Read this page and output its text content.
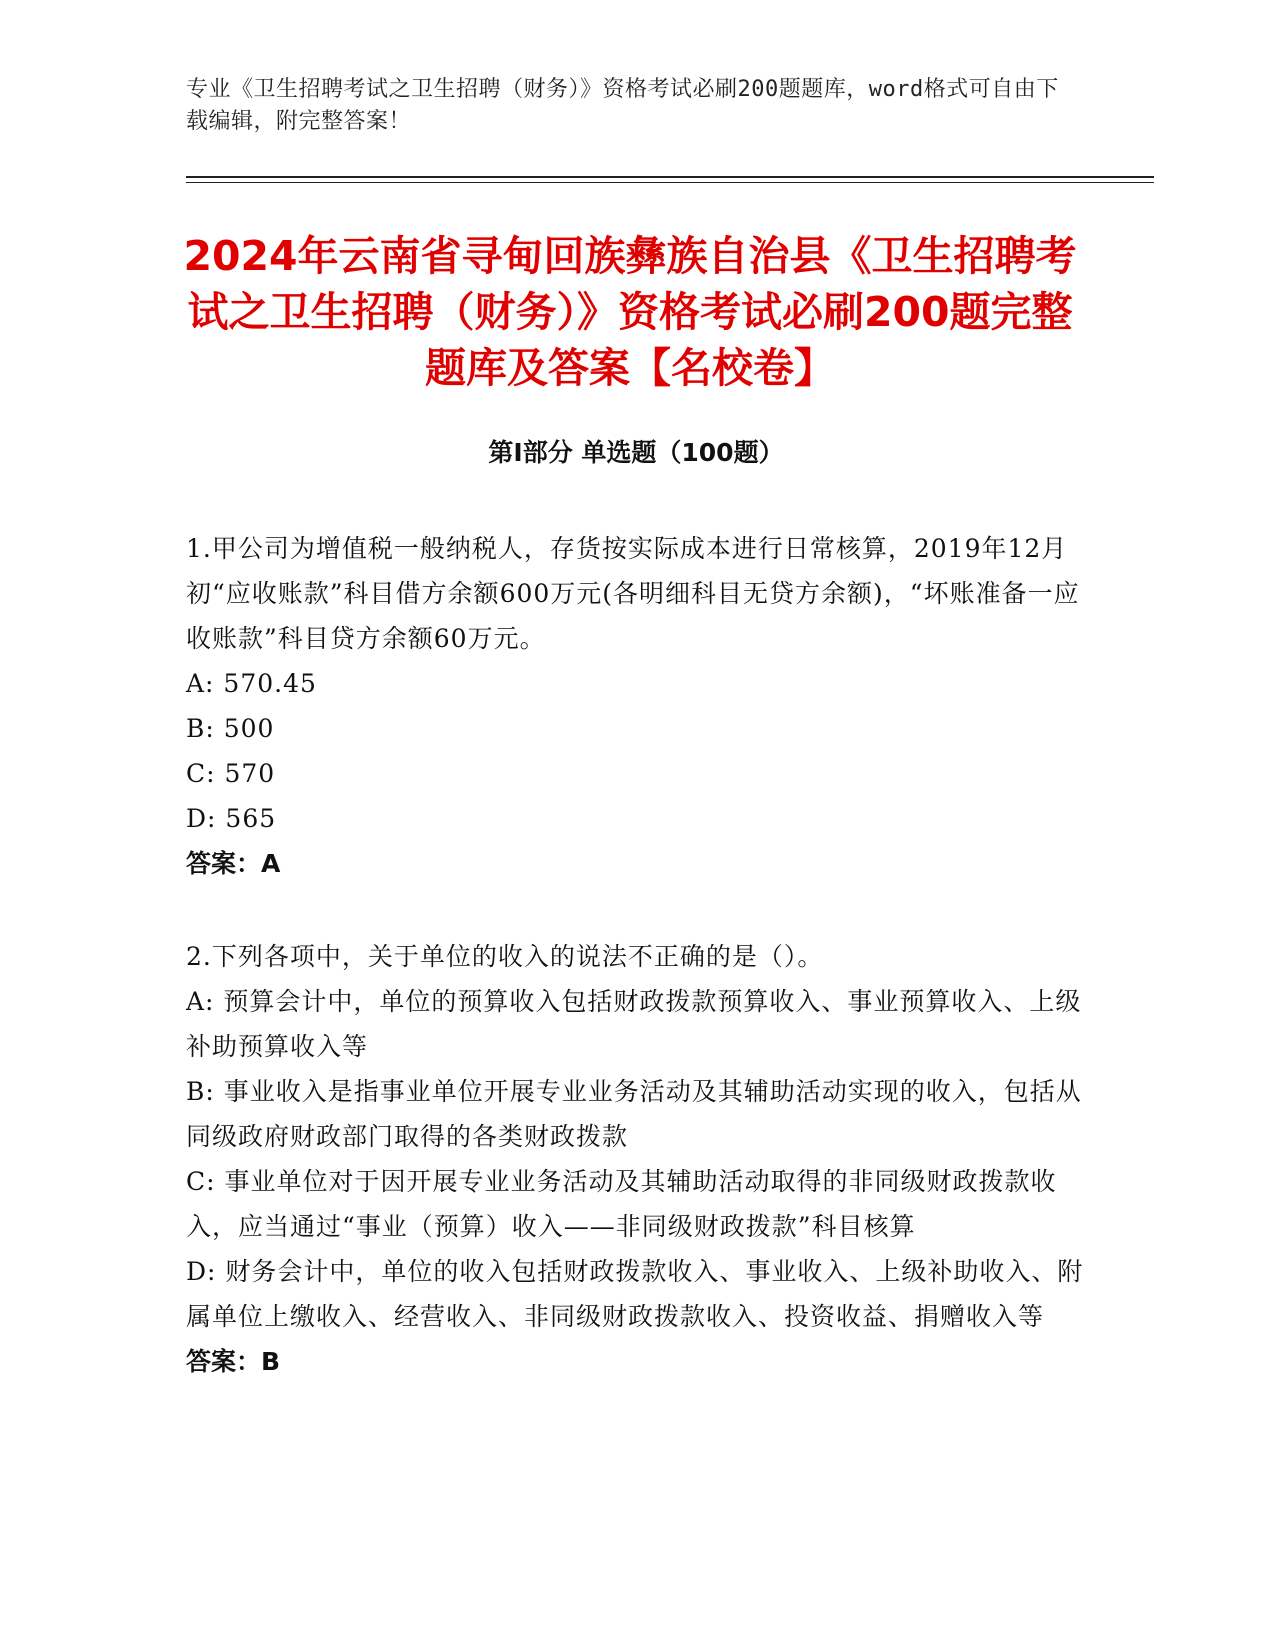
专业《卫生招聘考试之卫生招聘（财务）》资格考试必刷200题题库，word格式可自由下载编辑，附完整答案！
2024年云南省寻甸回族彝族自治县《卫生招聘考试之卫生招聘（财务）》资格考试必刷200题完整题库及答案【名校卷】
第I部分 单选题（100题）

1.甲公司为增值税一般纳税人，存货按实际成本进行日常核算，2019年12月初“应收账款”科目借方余额600万元(各明细科目无贷方余额)，“坏账准备一应收账款”科目贷方余额60万元。

A: 570.45

B: 500

C: 570

D: 565

答案：A

2.下列各项中，关于单位的收入的说法不正确的是（）。

A: 预算会计中，单位的预算收入包括财政拨款预算收入、事业预算收入、上级补助预算收入等

B: 事业收入是指事业单位开展专业业务活动及其辅助活动实现的收入，包括从同级政府财政部门取得的各类财政拨款

C: 事业单位对于因开展专业业务活动及其辅助活动取得的非同级财政拨款收入，应当通过“事业（预算）收入——非同级财政拨款”科目核算

D: 财务会计中，单位的收入包括财政拨款收入、事业收入、上级补助收入、附属单位上缴收入、经营收入、非同级财政拨款收入、投资收益、捐赠收入等

答案：B
